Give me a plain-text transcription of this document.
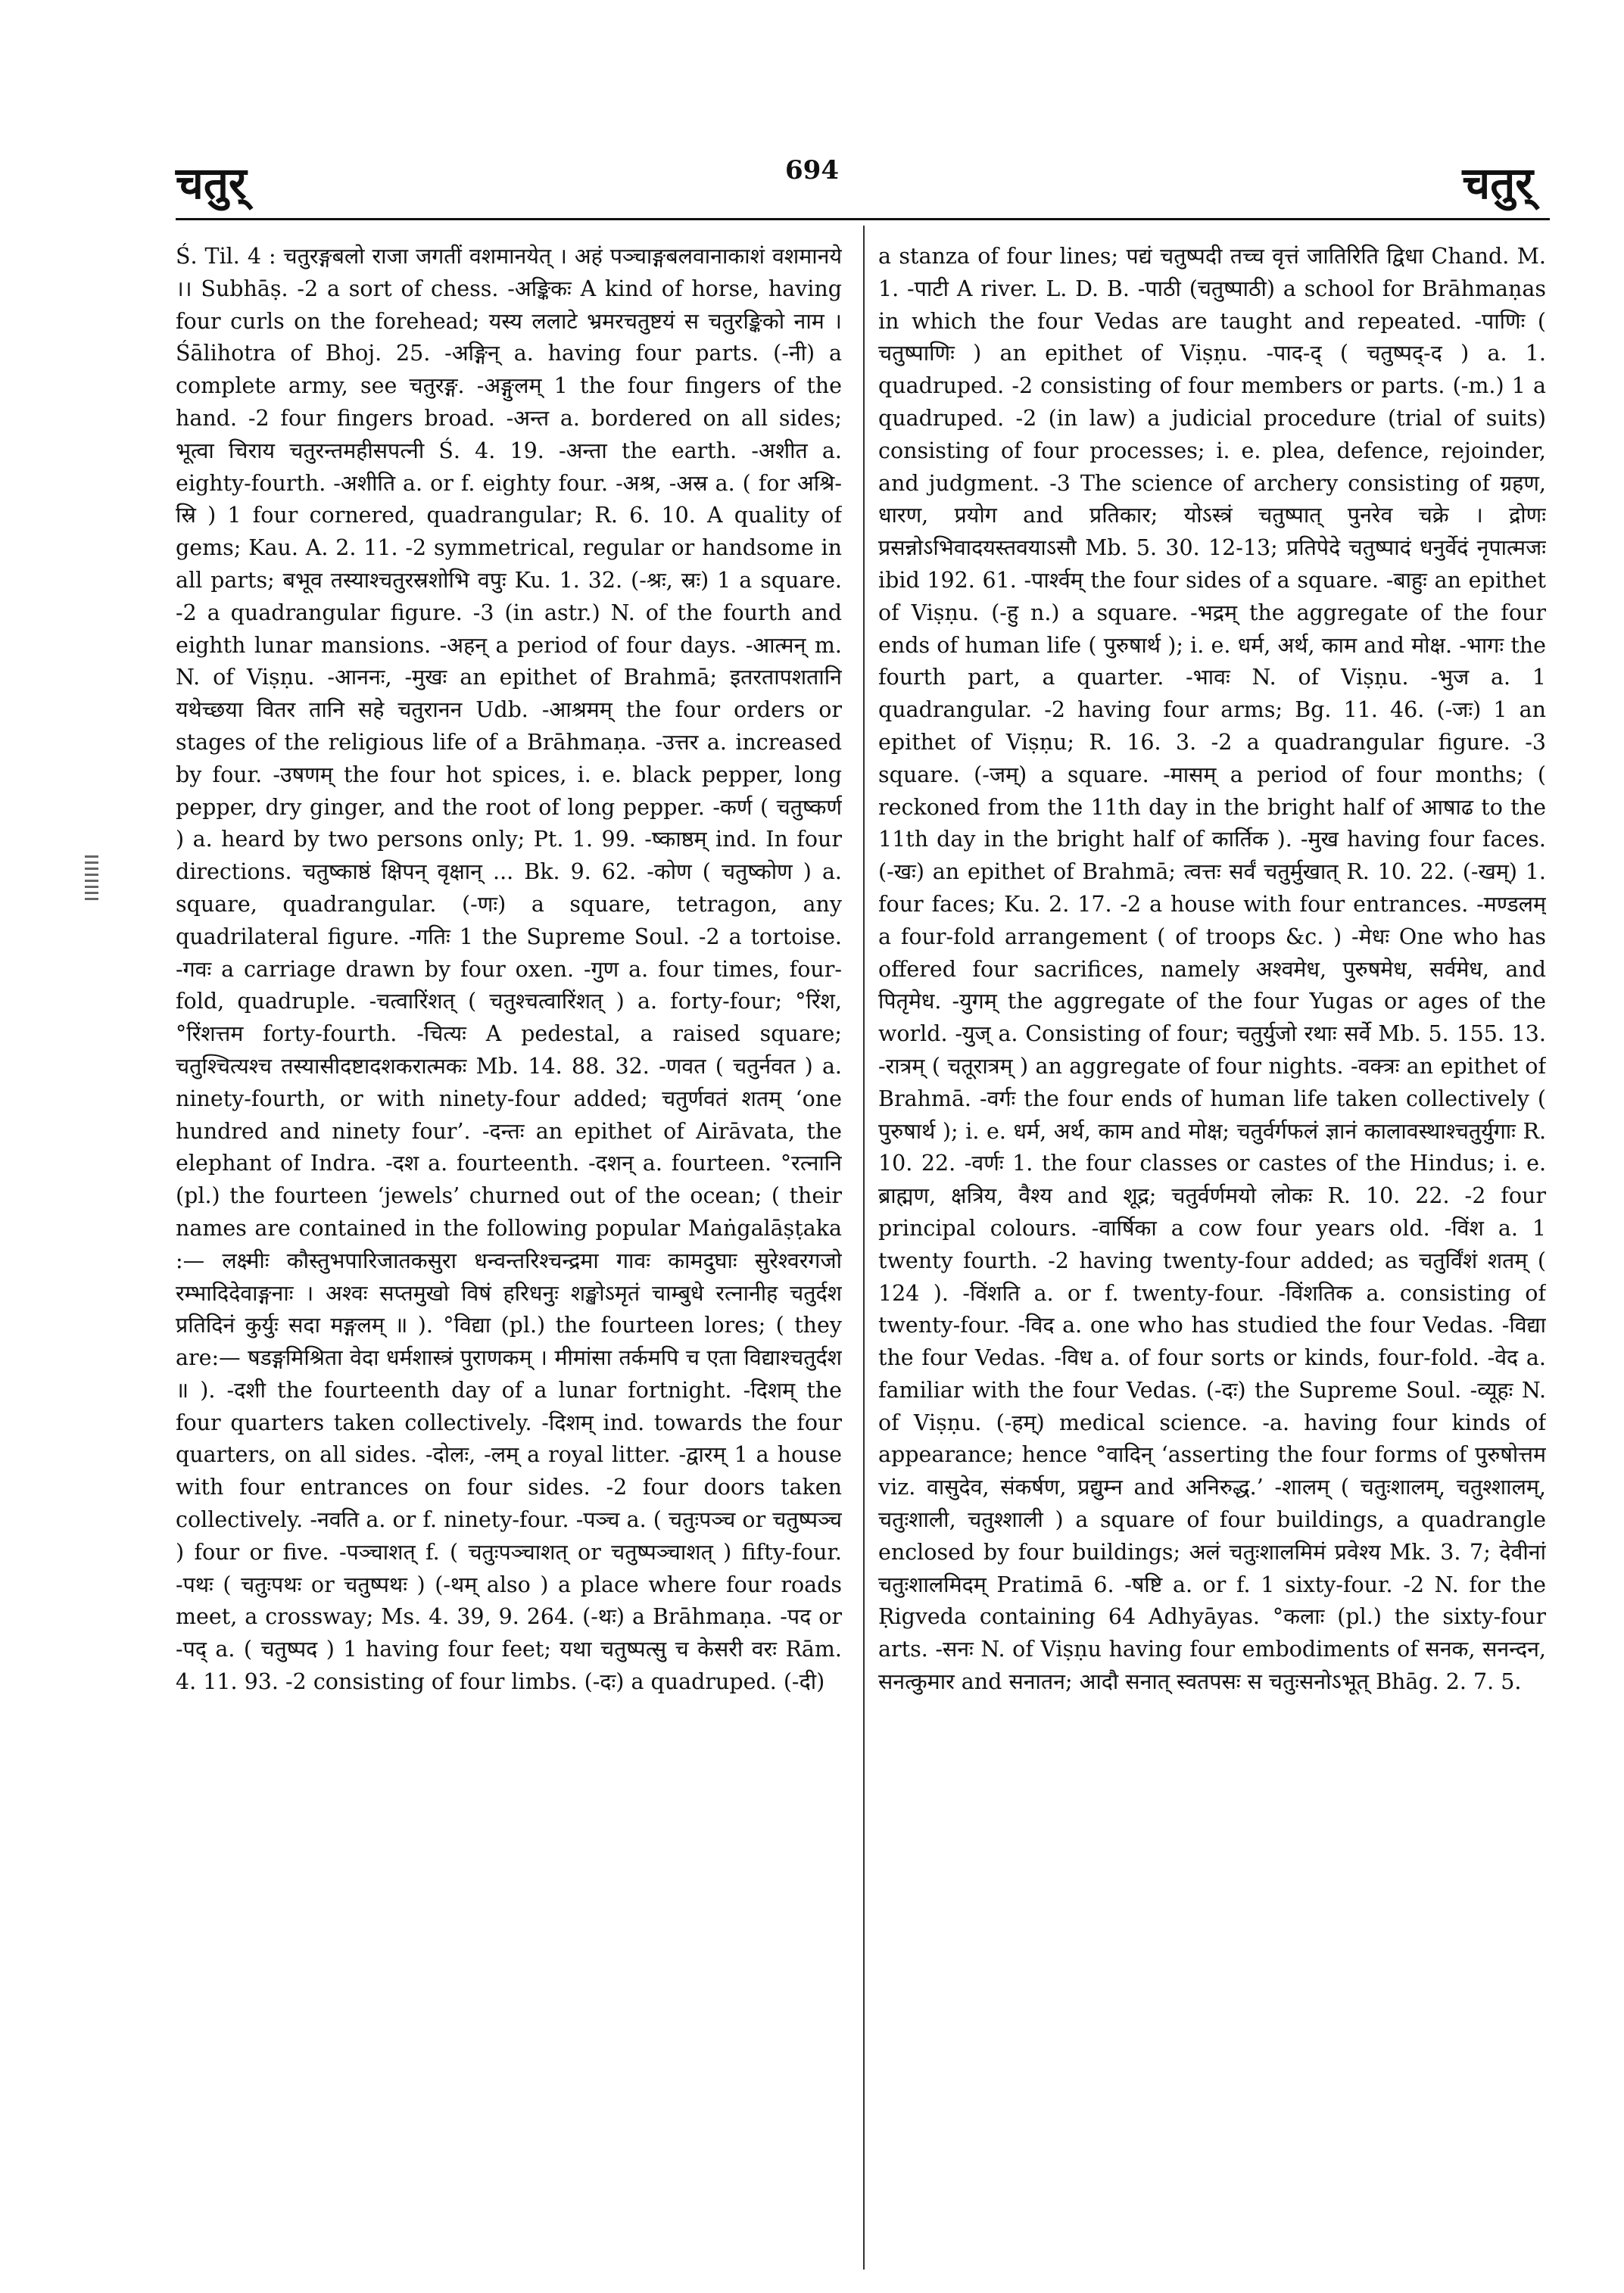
चतुर्	694	चतुर्

Ś. Til. 4 : चतुरङ्गबलो राजा जगतीं वशमानयेत् । अहं पञ्चाङ्गबलवानाकाशं वशमानये ।। Subhāṣ. -2 a sort of chess. -अङ्किकः A kind of horse, having four curls on the forehead; यस्य ललाटे भ्रमरचतुष्टयं स चतुरङ्किको नाम । Śālihotra of Bhoj. 25. -अङ्गिन् a. having four parts. (-नी) a complete army, see चतुरङ्ग. -अङ्गुलम् 1 the four fingers of the hand. -2 four fingers broad. -अन्त a. bordered on all sides; भूत्वा चिराय चतुरन्तमहीसपत्नी Ś. 4. 19. -अन्ता the earth. -अशीत a. eighty-fourth. -अशीति a. or f. eighty four. -अश्र, -अस्र a. ( for अश्रि-स्रि ) 1 four cornered, quadrangular; R. 6. 10. A quality of gems; Kau. A. 2. 11. -2 symmetrical, regular or handsome in all parts; बभूव तस्याश्चतुरस्रशोभि वपुः Ku. 1. 32. (-श्रः, स्रः) 1 a square. -2 a quadrangular figure. -3 (in astr.) N. of the fourth and eighth lunar mansions. -अहन् a period of four days. -आत्मन् m. N. of Viṣṇu. -आननः, -मुखः an epithet of Brahmā; इतरतापशतानि यथेच्छया वितर तानि सहे चतुरानन Udb. -आश्रमम् the four orders or stages of the religious life of a Brāhmaṇa. -उत्तर a. increased by four. -उषणम् the four hot spices, i. e. black pepper, long pepper, dry ginger, and the root of long pepper. -कर्ण ( चतुष्कर्ण ) a. heard by two persons only; Pt. 1. 99. -ष्काष्ठम् ind. In four directions. चतुष्काष्ठं क्षिपन् वृक्षान् ... Bk. 9. 62. -कोण ( चतुष्कोण ) a. square, quadrangular. (-णः) a square, tetragon, any quadrilateral figure. -गतिः 1 the Supreme Soul. -2 a tortoise. -गवः a carriage drawn by four oxen. -गुण a. four times, four-fold, quadruple. -चत्वारिंशत् ( चतुश्चत्वारिंशत् ) a. forty-four; °रिंश, °रिंशत्तम forty-fourth. -चित्यः A pedestal, a raised square; चतुश्चित्यश्च तस्यासीदष्टादशकरात्मकः Mb. 14. 88. 32. -णवत ( चतुर्नवत ) a. ninety-fourth, or with ninety-four added; चतुर्णवतं शतम् ‘one hundred and ninety four’. -दन्तः an epithet of Airāvata, the elephant of Indra. -दश a. fourteenth. -दशन् a. fourteen. °रत्नानि (pl.) the fourteen ‘jewels’ churned out of the ocean; ( their names are contained in the following popular Maṅgalāṣṭaka :— लक्ष्मीः कौस्तुभपारिजातकसुरा धन्वन्तरिश्चन्द्रमा गावः कामदुघाः सुरेश्वरगजो रम्भादिदेवाङ्गनाः । अश्वः सप्तमुखो विषं हरिधनुः शङ्खोऽमृतं चाम्बुधे रत्नानीह चतुर्दश प्रतिदिनं कुर्युः सदा मङ्गलम् ॥ ). °विद्या (pl.) the fourteen lores; ( they are:— षडङ्गमिश्रिता वेदा धर्मशास्त्रं पुराणकम् । मीमांसा तर्कमपि च एता विद्याश्चतुर्दश ॥ ). -दशी the fourteenth day of a lunar fortnight. -दिशम् the four quarters taken collectively. -दिशम् ind. towards the four quarters, on all sides. -दोलः, -लम् a royal litter. -द्वारम् 1 a house with four entrances on four sides. -2 four doors taken collectively. -नवति a. or f. ninety-four. -पञ्च a. ( चतुःपञ्च or चतुष्पञ्च ) four or five. -पञ्चाशत् f. ( चतुःपञ्चाशत् or चतुष्पञ्चाशत् ) fifty-four. -पथः ( चतुःपथः or चतुष्पथः ) (-थम् also ) a place where four roads meet, a crossway; Ms. 4. 39, 9. 264. (-थः) a Brāhmaṇa. -पद or -पद् a. ( चतुष्पद ) 1 having four feet; यथा चतुष्पत्सु च केसरी वरः Rām. 4. 11. 93. -2 consisting of four limbs. (-दः) a quadruped. (-दी)

a stanza of four lines; पद्यं चतुष्पदी तच्च वृत्तं जातिरिति द्विधा Chand. M. 1. -पाटी A river. L. D. B. -पाठी (चतुष्पाठी) a school for Brāhmaṇas in which the four Vedas are taught and repeated. -पाणिः ( चतुष्पाणिः ) an epithet of Viṣṇu. -पाद-द् ( चतुष्पद्-द ) a. 1. quadruped. -2 consisting of four members or parts. (-m.) 1 a quadruped. -2 (in law) a judicial procedure (trial of suits) consisting of four processes; i. e. plea, defence, rejoinder, and judgment. -3 The science of archery consisting of ग्रहण, धारण, प्रयोग and प्रतिकार; योऽस्त्रं चतुष्पात् पुनरेव चक्रे । द्रोणः प्रसन्नोऽभिवादयस्तवयाऽसौ Mb. 5. 30. 12-13; प्रतिपेदे चतुष्पादं धनुर्वेदं नृपात्मजः ibid 192. 61. -पार्श्वम् the four sides of a square. -बाहुः an epithet of Viṣṇu. (-हु n.) a square. -भद्रम् the aggregate of the four ends of human life ( पुरुषार्थ ); i. e. धर्म, अर्थ, काम and मोक्ष. -भागः the fourth part, a quarter. -भावः N. of Viṣṇu. -भुज a. 1 quadrangular. -2 having four arms; Bg. 11. 46. (-जः) 1 an epithet of Viṣṇu; R. 16. 3. -2 a quadrangular figure. -3 square. (-जम्) a square. -मासम् a period of four months; ( reckoned from the 11th day in the bright half of आषाढ to the 11th day in the bright half of कार्तिक ). -मुख having four faces. (-खः) an epithet of Brahmā; त्वत्तः सर्वं चतुर्मुखात् R. 10. 22. (-खम्) 1. four faces; Ku. 2. 17. -2 a house with four entrances. -मण्डलम् a four-fold arrangement ( of troops &c. ) -मेधः One who has offered four sacrifices, namely अश्वमेध, पुरुषमेध, सर्वमेध, and पितृमेध. -युगम् the aggregate of the four Yugas or ages of the world. -युज् a. Consisting of four; चतुर्युजो रथाः सर्वे Mb. 5. 155. 13. -रात्रम् ( चतूरात्रम् ) an aggregate of four nights. -वक्त्रः an epithet of Brahmā. -वर्गः the four ends of human life taken collectively ( पुरुषार्थ ); i. e. धर्म, अर्थ, काम and मोक्ष; चतुर्वर्गफलं ज्ञानं कालावस्थाश्चतुर्युगाः R. 10. 22. -वर्णः 1. the four classes or castes of the Hindus; i. e. ब्राह्मण, क्षत्रिय, वैश्य and शूद्र; चतुर्वर्णमयो लोकः R. 10. 22. -2 four principal colours. -वार्षिका a cow four years old. -विंश a. 1 twenty fourth. -2 having twenty-four added; as चतुर्विंशं शतम् ( 124 ). -विंशति a. or f. twenty-four. -विंशतिक a. consisting of twenty-four. -विद a. one who has studied the four Vedas. -विद्या the four Vedas. -विध a. of four sorts or kinds, four-fold. -वेद a. familiar with the four Vedas. (-दः) the Supreme Soul. -व्यूहः N. of Viṣṇu. (-हम्) medical science. -a. having four kinds of appearance; hence °वादिन् ‘asserting the four forms of पुरुषोत्तम viz. वासुदेव, संकर्षण, प्रद्युम्न and अनिरुद्ध.’ -शालम् ( चतुःशालम्, चतुश्शालम्, चतुःशाली, चतुश्शाली ) a square of four buildings, a quadrangle enclosed by four buildings; अलं चतुःशालमिमं प्रवेश्य Mk. 3. 7; देवीनां चतुःशालमिदम् Pratimā 6. -षष्टि a. or f. 1 sixty-four. -2 N. for the Ṛigveda containing 64 Adhyāyas. °कलाः (pl.) the sixty-four arts. -सनः N. of Viṣṇu having four embodiments of सनक, सनन्दन, सनत्कुमार and सनातन; आदौ सनात् स्वतपसः स चतुःसनोऽभूत् Bhāg. 2. 7. 5.
